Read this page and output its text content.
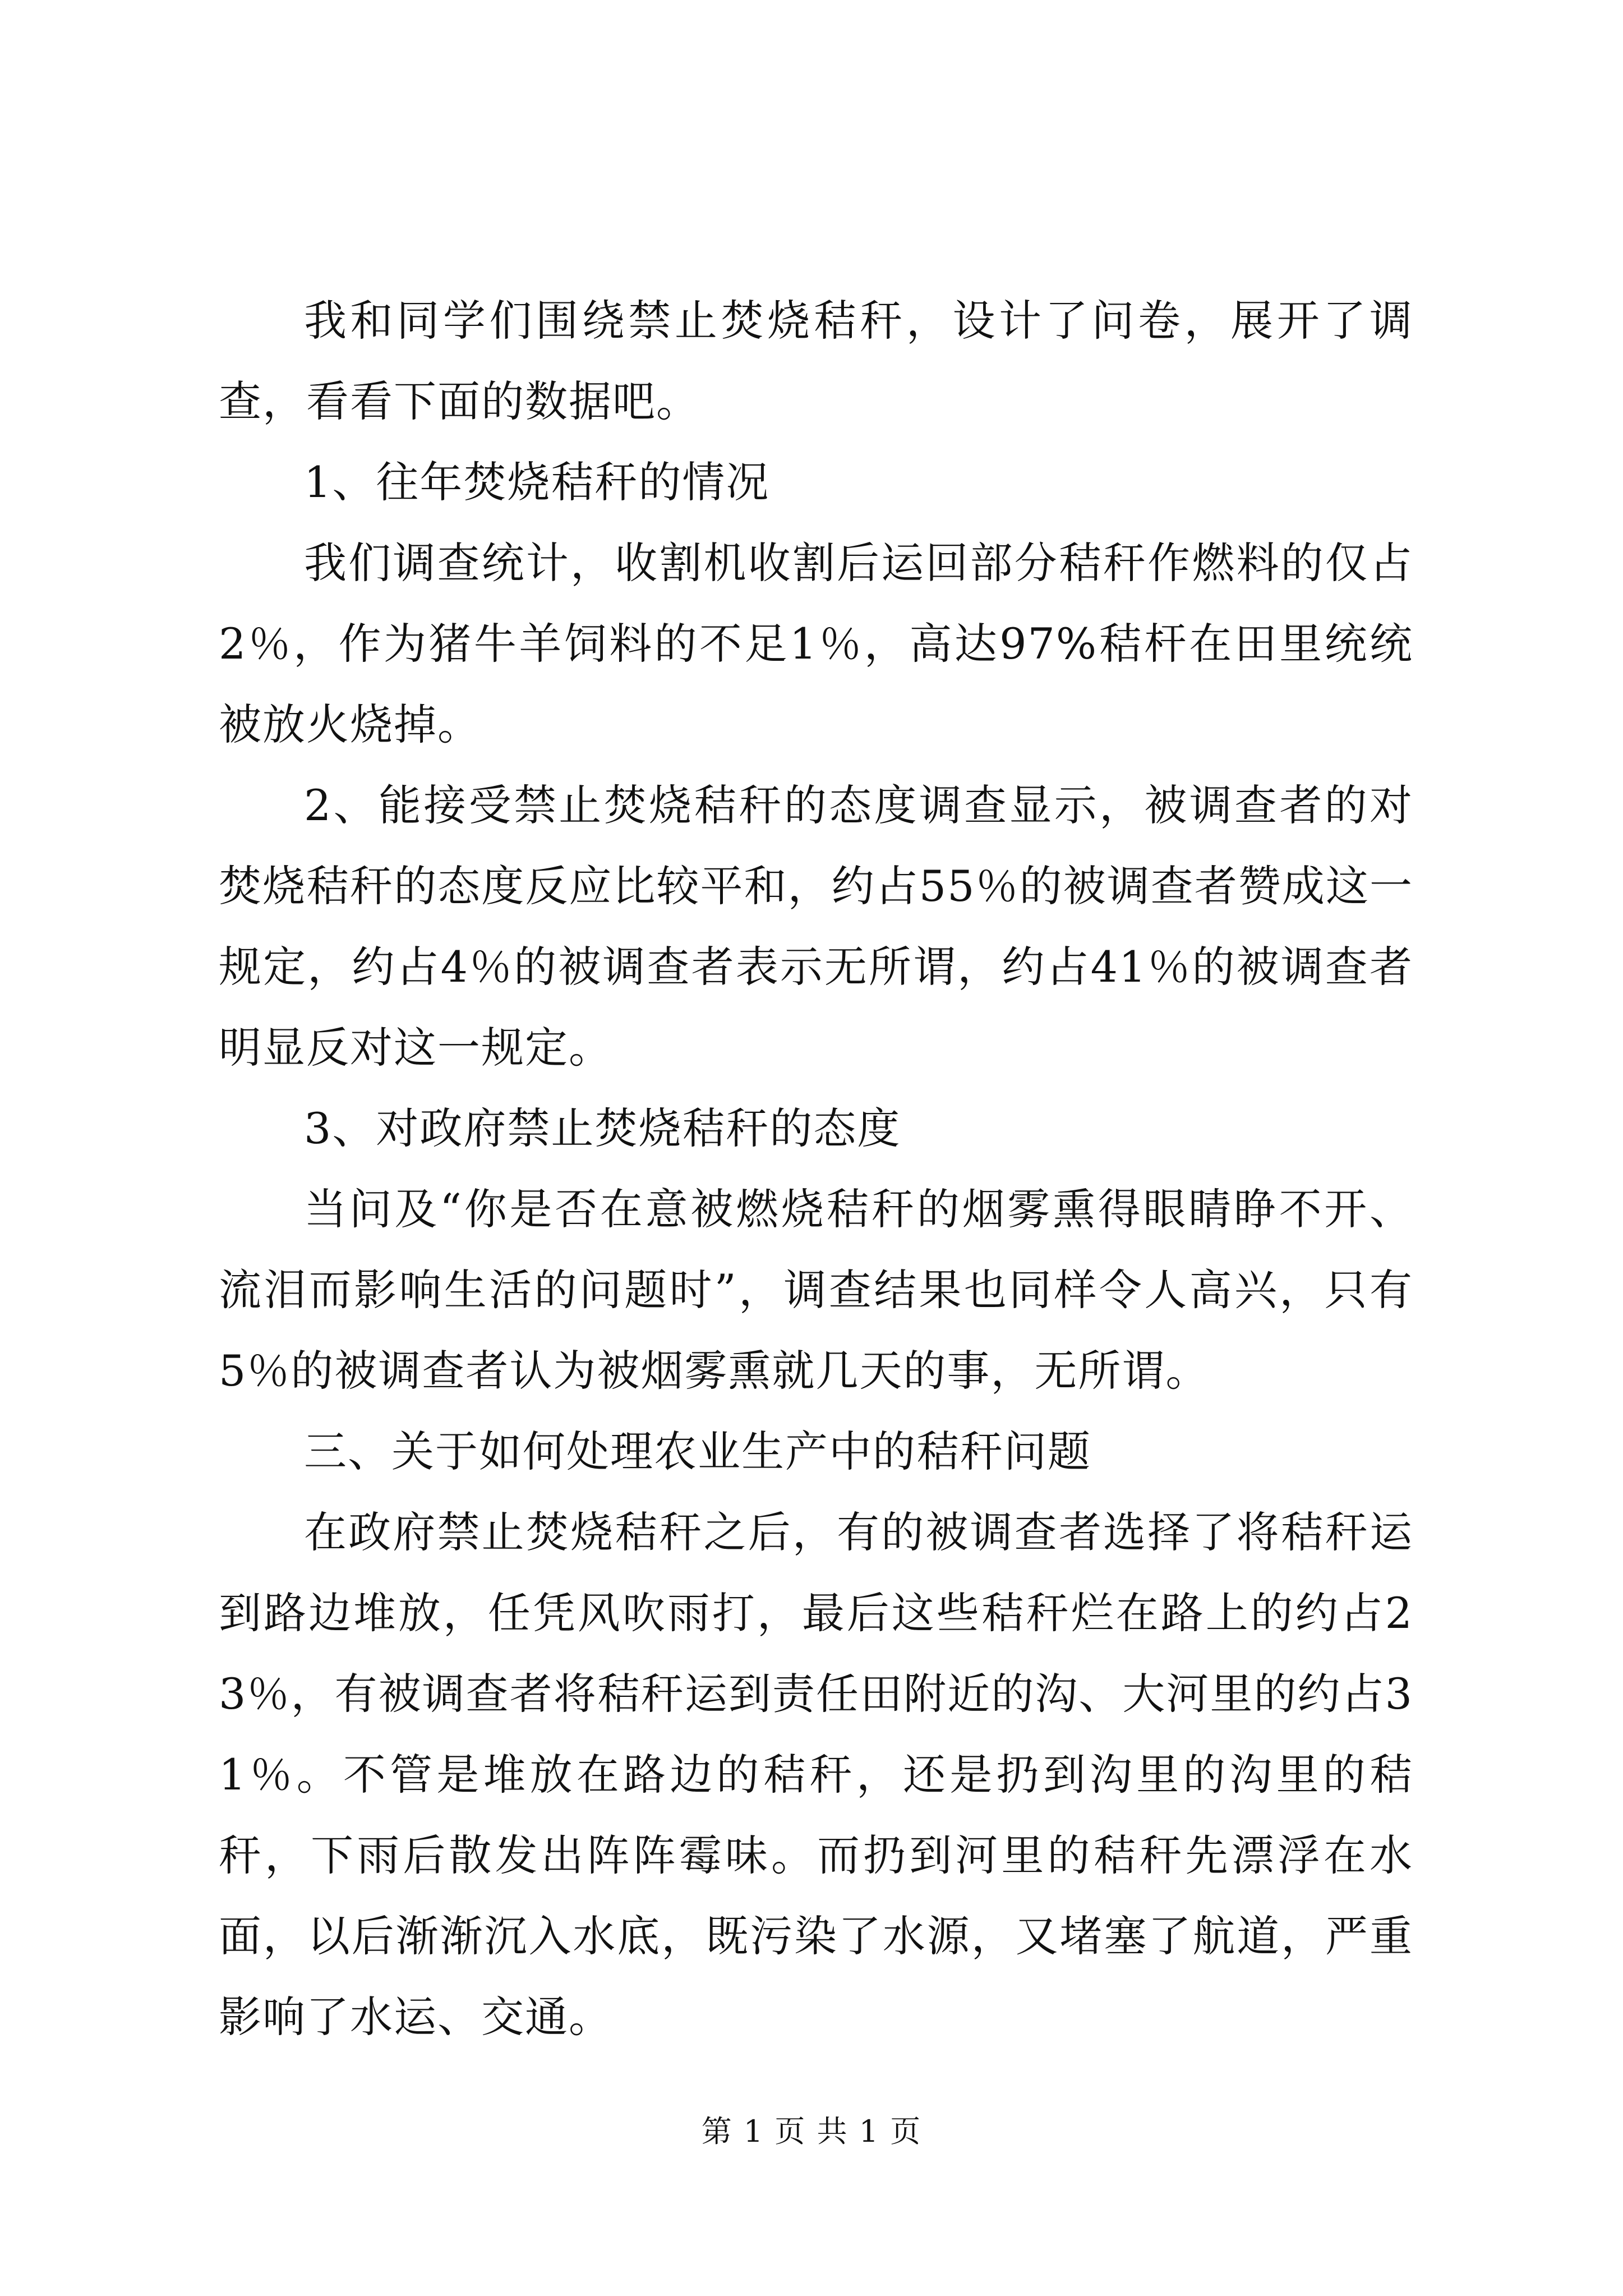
我和同学们围绕禁止焚烧秸秆，设计了问卷，展开了调查，看看下面的数据吧。

1、往年焚烧秸秆的情况

我们调查统计，收割机收割后运回部分秸秆作燃料的仅占2％，作为猪牛羊饲料的不足1％，高达97%秸杆在田里统统被放火烧掉。

2、能接受禁止焚烧秸秆的态度调查显示，被调查者的对焚烧秸秆的态度反应比较平和，约占55％的被调查者赞成这一规定，约占4％的被调查者表示无所谓，约占41％的被调查者明显反对这一规定。

3、对政府禁止焚烧秸秆的态度

当问及“你是否在意被燃烧秸秆的烟雾熏得眼睛睁不开、流泪而影响生活的问题时”，调查结果也同样令人高兴，只有5％的被调查者认为被烟雾熏就几天的事，无所谓。

三、关于如何处理农业生产中的秸秆问题

在政府禁止焚烧秸秆之后，有的被调查者选择了将秸秆运到路边堆放，任凭风吹雨打，最后这些秸秆烂在路上的约占23％，有被调查者将秸秆运到责任田附近的沟、大河里的约占31％。不管是堆放在路边的秸秆，还是扔到沟里的沟里的秸秆，下雨后散发出阵阵霉味。而扔到河里的秸秆先漂浮在水面，以后渐渐沉入水底，既污染了水源，又堵塞了航道，严重影响了水运、交通。

第 1 页 共 1 页
